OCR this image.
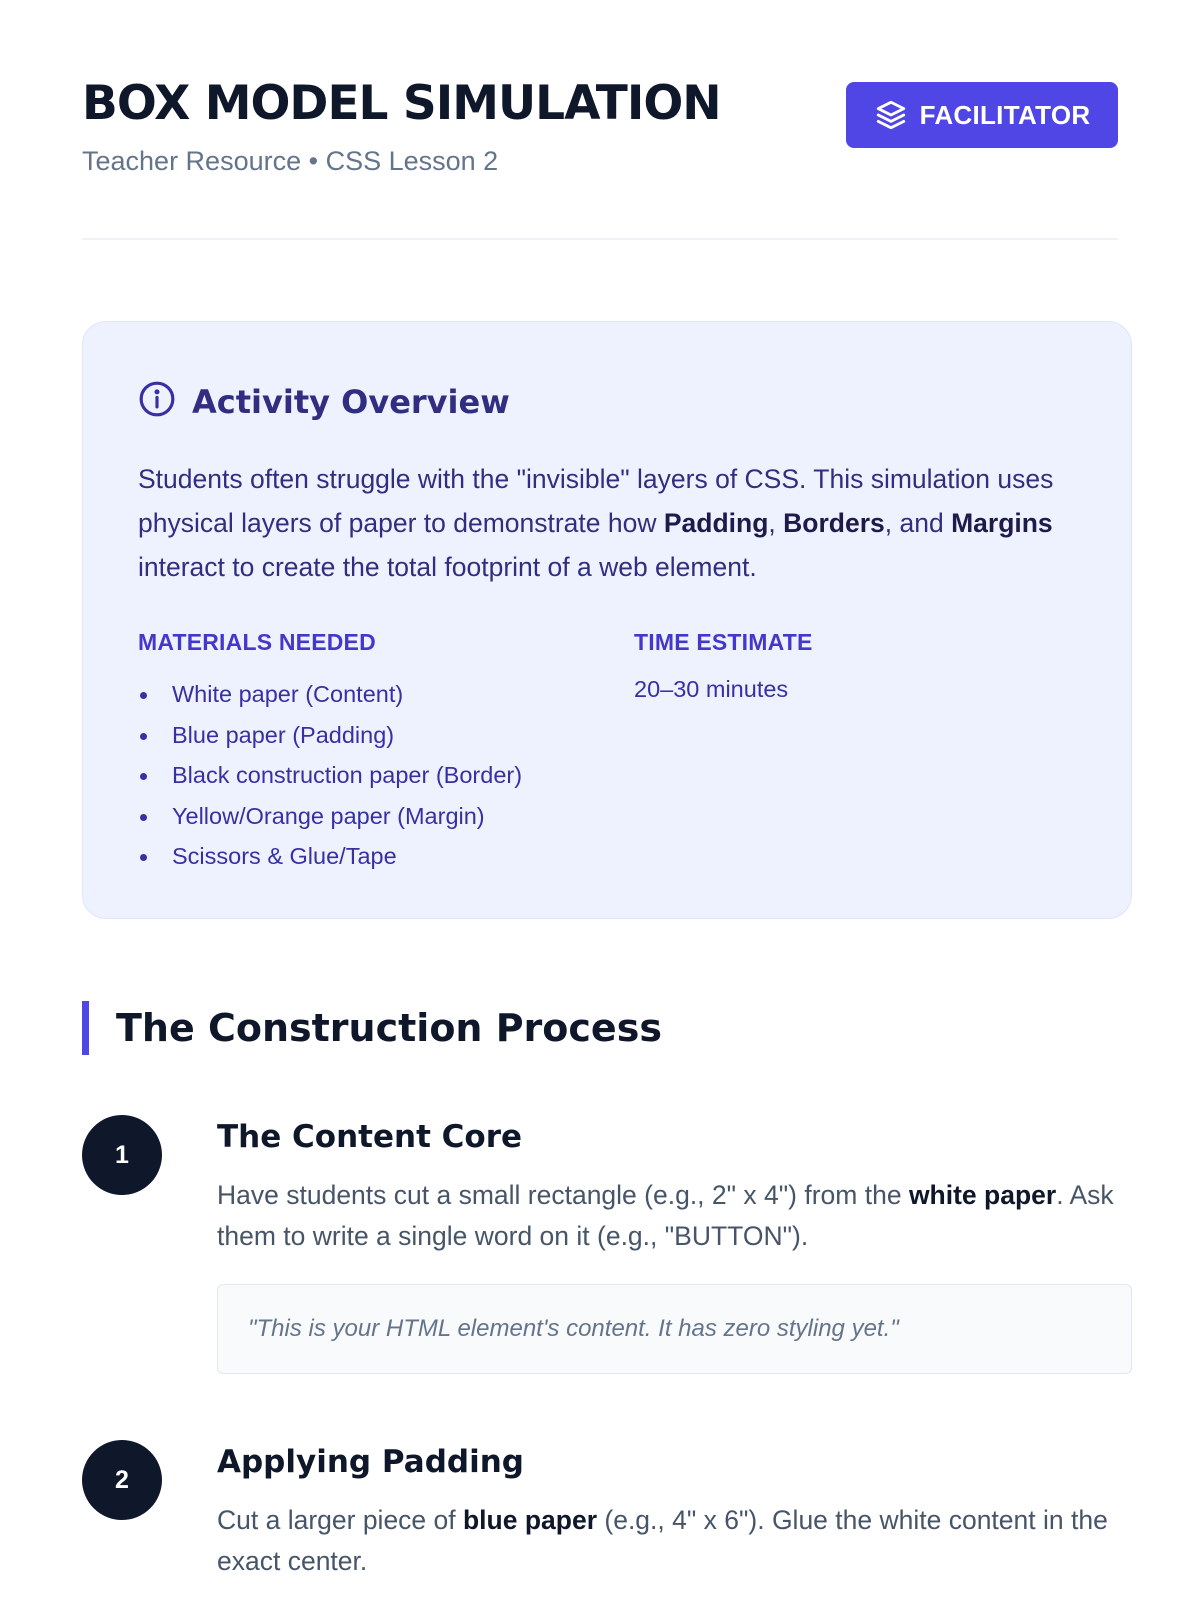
BOX MODEL SIMULATION
Teacher Resource • CSS Lesson 2
FACILITATOR
Activity Overview

Students often struggle with the "invisible" layers of CSS. This simulation uses physical layers of paper to demonstrate how Padding, Borders, and Margins interact to create the total footprint of a web element.

MATERIALS NEEDED
White paper (Content)
Blue paper (Padding)
Black construction paper (Border)
Yellow/Orange paper (Margin)
Scissors & Glue/Tape
TIME ESTIMATE
20–30 minutes
The Construction Process
1	The Content Core

Have students cut a small rectangle (e.g., 2" x 4") from the white paper. Ask them to write a single word on it (e.g., "BUTTON").

"This is your HTML element's content. It has zero styling yet."
2	Applying Padding

Cut a larger piece of blue paper (e.g., 4" x 6"). Glue the white content in the exact center.
